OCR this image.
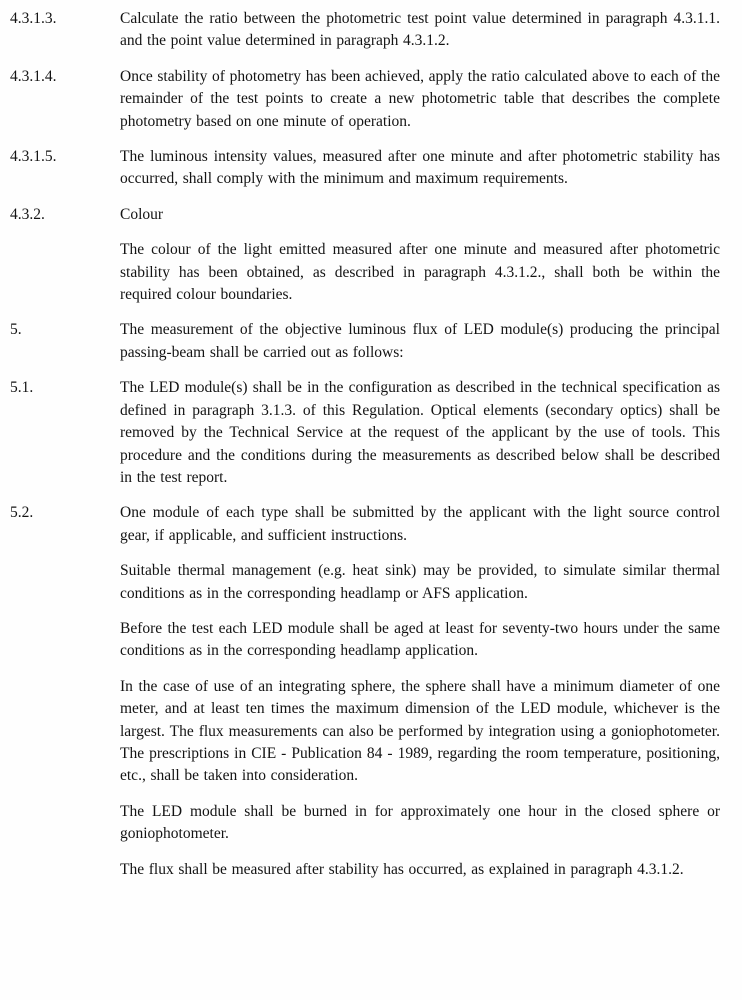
4.3.1.3.	Calculate the ratio between the photometric test point value determined in paragraph 4.3.1.1. and the point value determined in paragraph 4.3.1.2.

4.3.1.4.	Once stability of photometry has been achieved, apply the ratio calculated above to each of the remainder of the test points to create a new photometric table that describes the complete photometry based on one minute of operation.

4.3.1.5.	The luminous intensity values, measured after one minute and after photometric stability has occurred, shall comply with the minimum and maximum requirements.

4.3.2.	Colour

The colour of the light emitted measured after one minute and measured after photometric stability has been obtained, as described in paragraph 4.3.1.2., shall both be within the required colour boundaries.

5.	The measurement of the objective luminous flux of LED module(s) producing the principal passing-beam shall be carried out as follows:

5.1.	The LED module(s) shall be in the configuration as described in the technical specification as defined in paragraph 3.1.3. of this Regulation. Optical elements (secondary optics) shall be removed by the Technical Service at the request of the applicant by the use of tools. This procedure and the conditions during the measurements as described below shall be described in the test report.

5.2.	One module of each type shall be submitted by the applicant with the light source control gear, if applicable, and sufficient instructions.

Suitable thermal management (e.g. heat sink) may be provided, to simulate similar thermal conditions as in the corresponding headlamp or AFS application.

Before the test each LED module shall be aged at least for seventy-two hours under the same conditions as in the corresponding headlamp application.

In the case of use of an integrating sphere, the sphere shall have a minimum diameter of one meter, and at least ten times the maximum dimension of the LED module, whichever is the largest. The flux measurements can also be performed by integration using a goniophotometer. The prescriptions in CIE - Publication 84 - 1989, regarding the room temperature, positioning, etc., shall be taken into consideration.

The LED module shall be burned in for approximately one hour in the closed sphere or goniophotometer.

The flux shall be measured after stability has occurred, as explained in paragraph 4.3.1.2.
